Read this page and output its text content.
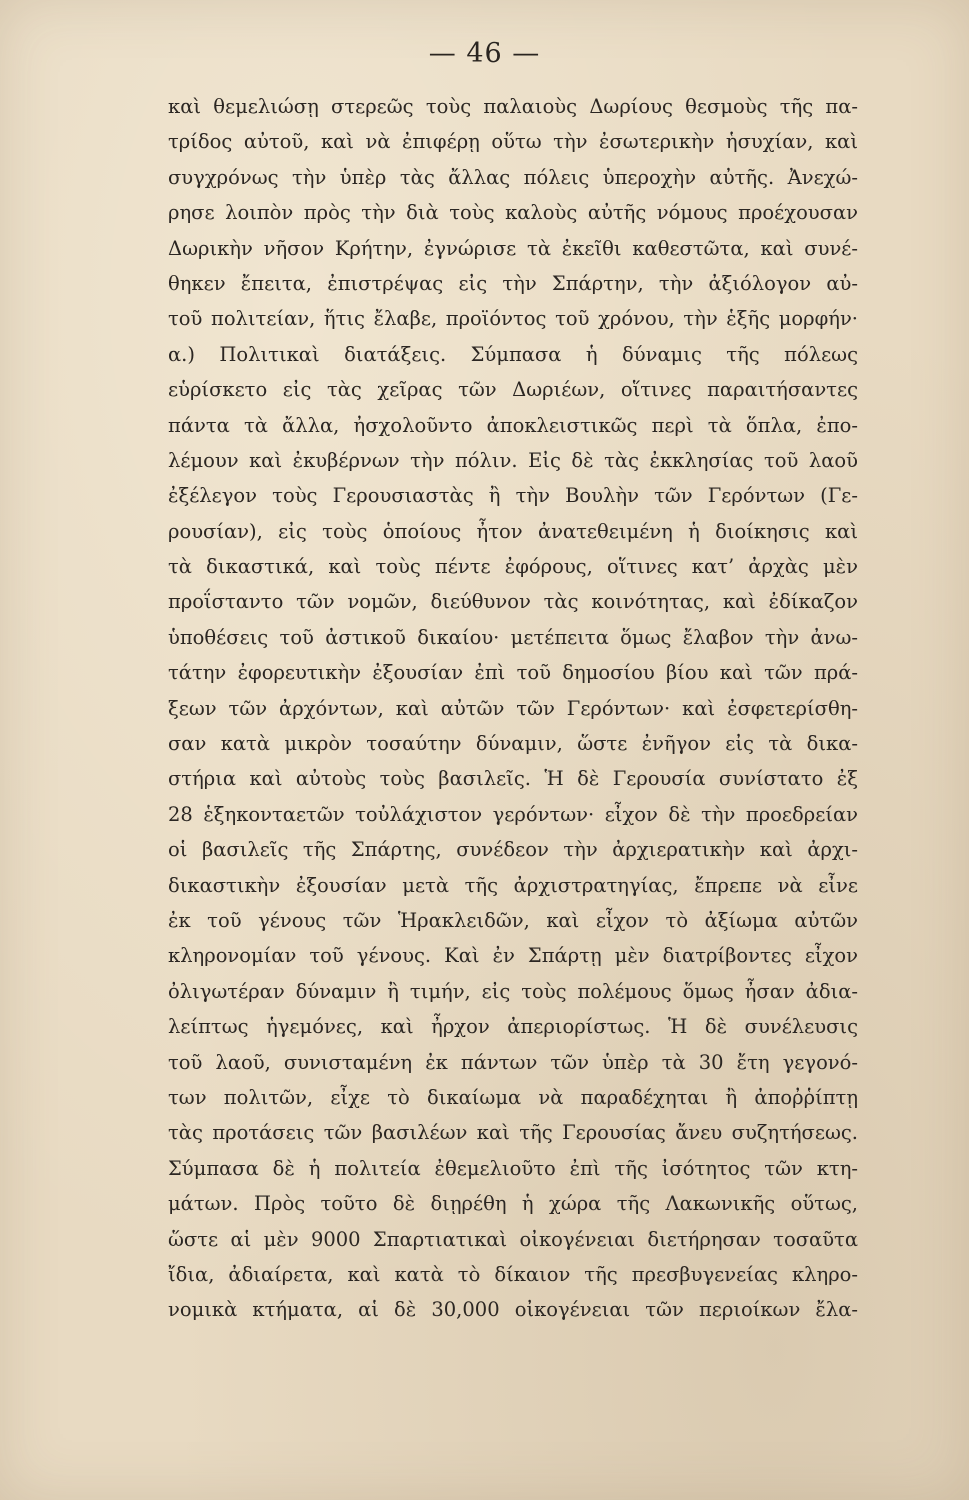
— 46 —
καὶ θεμελιώσῃ στερεῶς τοὺς παλαιοὺς Δωρίους θεσμοὺς τῆς πα-
τρίδος αὐτοῦ, καὶ νὰ ἐπιφέρῃ οὕτω τὴν ἐσωτερικὴν ἡσυχίαν, καὶ
συγχρόνως τὴν ὑπὲρ τὰς ἄλλας πόλεις ὑπεροχὴν αὐτῆς. Ἀνεχώ-
ρησε λοιπὸν πρὸς τὴν διὰ τοὺς καλοὺς αὐτῆς νόμους προέχουσαν
Δωρικὴν νῆσον Κρήτην, ἐγνώρισε τὰ ἐκεῖθι καθεστῶτα, καὶ συνέ-
θηκεν ἔπειτα, ἐπιστρέψας εἰς τὴν Σπάρτην, τὴν ἀξιόλογον αὐ-
τοῦ πολιτείαν, ἥτις ἔλαβε, προϊόντος τοῦ χρόνου, τὴν ἑξῆς μορφήν·
α.) Πολιτικαὶ διατάξεις. Σύμπασα ἡ δύναμις τῆς πόλεως
εὑρίσκετο εἰς τὰς χεῖρας τῶν Δωριέων, οἵτινες παραιτήσαντες
πάντα τὰ ἄλλα, ἠσχολοῦντο ἀποκλειστικῶς περὶ τὰ ὅπλα, ἐπο-
λέμουν καὶ ἐκυβέρνων τὴν πόλιν. Εἰς δὲ τὰς ἐκκλησίας τοῦ λαοῦ
ἐξέλεγον τοὺς Γερουσιαστὰς ἢ τὴν Βουλὴν τῶν Γερόντων (Γε-
ρουσίαν), εἰς τοὺς ὁποίους ἦτον ἀνατεθειμένη ἡ διοίκησις καὶ
τὰ δικαστικά, καὶ τοὺς πέντε ἐφόρους, οἵτινες κατ’ ἀρχὰς μὲν
προΐσταντο τῶν νομῶν, διεύθυνον τὰς κοινότητας, καὶ ἐδίκαζον
ὑποθέσεις τοῦ ἀστικοῦ δικαίου· μετέπειτα ὅμως ἔλαβον τὴν ἀνω-
τάτην ἐφορευτικὴν ἐξουσίαν ἐπὶ τοῦ δημοσίου βίου καὶ τῶν πρά-
ξεων τῶν ἀρχόντων, καὶ αὐτῶν τῶν Γερόντων· καὶ ἐσφετερίσθη-
σαν κατὰ μικρὸν τοσαύτην δύναμιν, ὥστε ἐνῆγον εἰς τὰ δικα-
στήρια καὶ αὐτοὺς τοὺς βασιλεῖς. Ἡ δὲ Γερουσία συνίστατο ἐξ
28 ἑξηκονταετῶν τοὐλάχιστον γερόντων· εἶχον δὲ τὴν προεδρείαν
οἱ βασιλεῖς τῆς Σπάρτης, συνέδεον τὴν ἀρχιερατικὴν καὶ ἀρχι-
δικαστικὴν ἐξουσίαν μετὰ τῆς ἀρχιστρατηγίας, ἔπρεπε νὰ εἶνε
ἐκ τοῦ γένους τῶν Ἡρακλειδῶν, καὶ εἶχον τὸ ἀξίωμα αὐτῶν
κληρονομίαν τοῦ γένους. Καὶ ἐν Σπάρτῃ μὲν διατρίβοντες εἶχον
ὀλιγωτέραν δύναμιν ἢ τιμήν, εἰς τοὺς πολέμους ὅμως ἦσαν ἀδια-
λείπτως ἡγεμόνες, καὶ ἦρχον ἀπεριορίστως. Ἡ δὲ συνέλευσις
τοῦ λαοῦ, συνισταμένη ἐκ πάντων τῶν ὑπὲρ τὰ 30 ἔτη γεγονό-
των πολιτῶν, εἶχε τὸ δικαίωμα νὰ παραδέχηται ἢ ἀποῤῥίπτῃ
τὰς προτάσεις τῶν βασιλέων καὶ τῆς Γερουσίας ἄνευ συζητήσεως.
Σύμπασα δὲ ἡ πολιτεία ἐθεμελιοῦτο ἐπὶ τῆς ἰσότητος τῶν κτη-
μάτων. Πρὸς τοῦτο δὲ διῃρέθη ἡ χώρα τῆς Λακωνικῆς οὕτως,
ὥστε αἱ μὲν 9000 Σπαρτιατικαὶ οἰκογένειαι διετήρησαν τοσαῦτα
ἴδια, ἀδιαίρετα, καὶ κατὰ τὸ δίκαιον τῆς πρεσβυγενείας κληρο-
νομικὰ κτήματα, αἱ δὲ 30,000 οἰκογένειαι τῶν περιοίκων ἔλα-
